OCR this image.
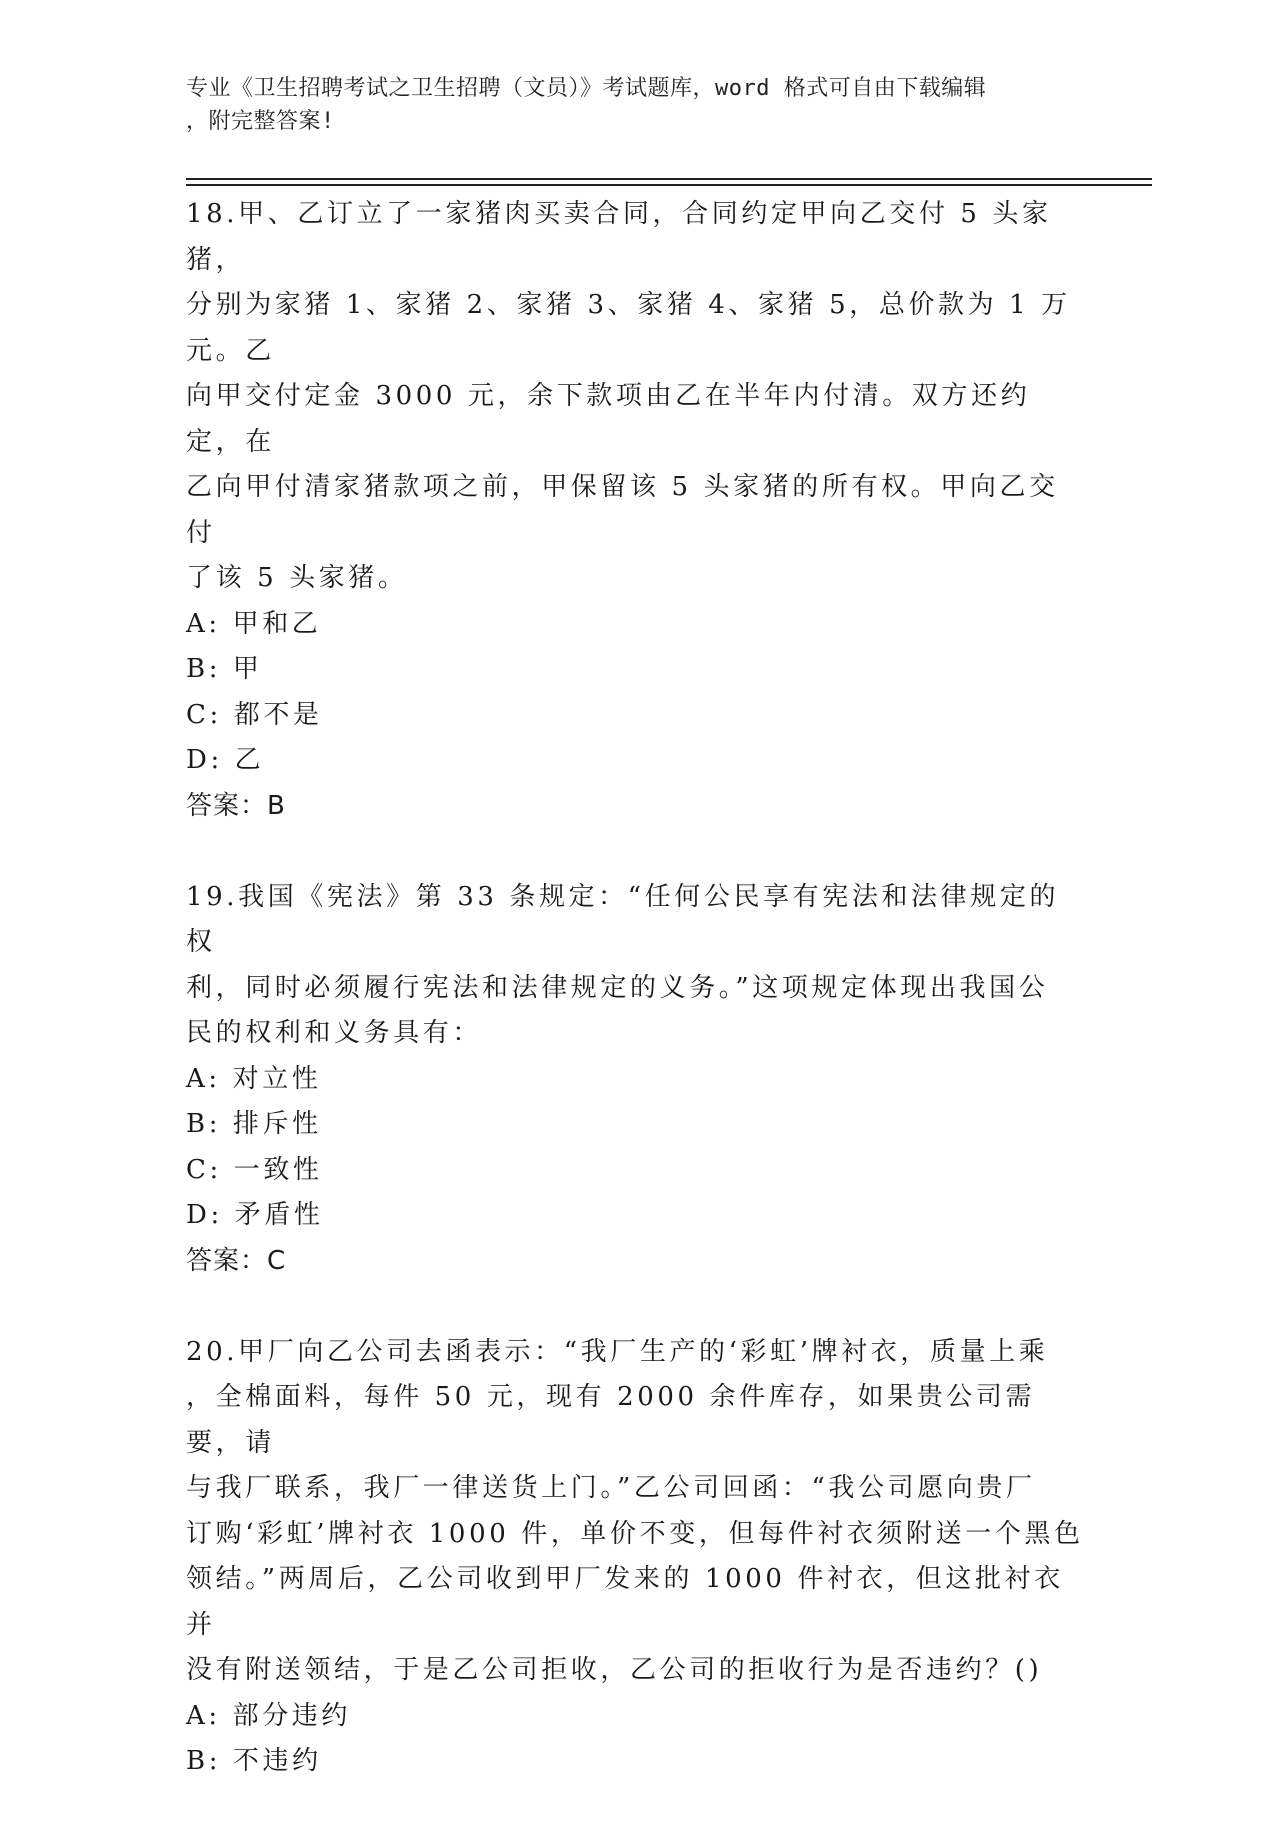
专业《卫生招聘考试之卫生招聘（文员）》考试题库，word 格式可自由下载编辑
，附完整答案!
18.甲、乙订立了一家猪肉买卖合同，合同约定甲向乙交付 5 头家猪，
分别为家猪 1、家猪 2、家猪 3、家猪 4、家猪 5，总价款为 1 万元。乙
向甲交付定金 3000 元，余下款项由乙在半年内付清。双方还约定，在
乙向甲付清家猪款项之前，甲保留该 5 头家猪的所有权。甲向乙交付
了该 5 头家猪。
A: 甲和乙
B: 甲
C: 都不是
D: 乙
答案：B
19.我国《宪法》第 33 条规定：“任何公民享有宪法和法律规定的权
利，同时必须履行宪法和法律规定的义务。”这项规定体现出我国公
民的权利和义务具有：
A: 对立性
B: 排斥性
C: 一致性
D: 矛盾性
答案：C
20.甲厂向乙公司去函表示：“我厂生产的‘彩虹’牌衬衣，质量上乘
，全棉面料，每件 50 元，现有 2000 余件库存，如果贵公司需要，请
与我厂联系，我厂一律送货上门。”乙公司回函：“我公司愿向贵厂
订购‘彩虹’牌衬衣 1000 件，单价不变，但每件衬衣须附送一个黑色
领结。”两周后，乙公司收到甲厂发来的 1000 件衬衣，但这批衬衣并
没有附送领结，于是乙公司拒收，乙公司的拒收行为是否违约？()
A: 部分违约
B: 不违约
